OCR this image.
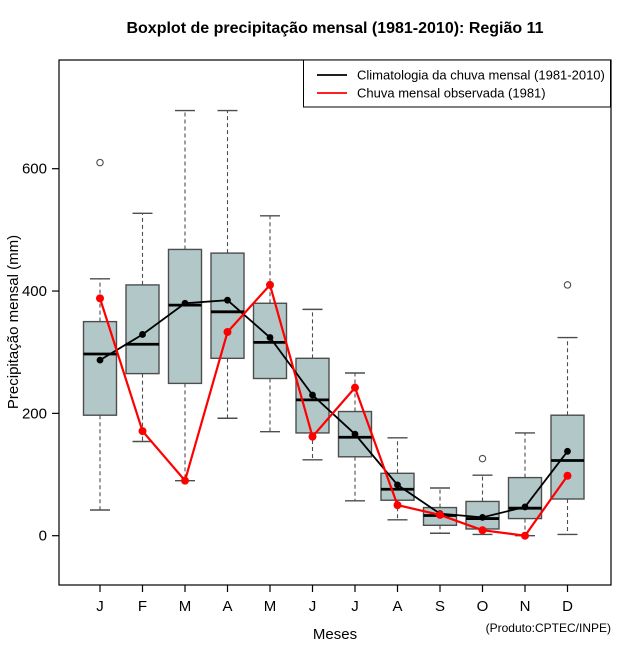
Boxplot de precipitação mensal (1981-2010): Região 11
0
200
400
600
J F M A M J J A S O N D
Precipitação mensal (mm)
Meses	(Produto:CPTEC/INPE)
Climatologia da chuva mensal (1981-2010)
Chuva mensal observada (1981)
